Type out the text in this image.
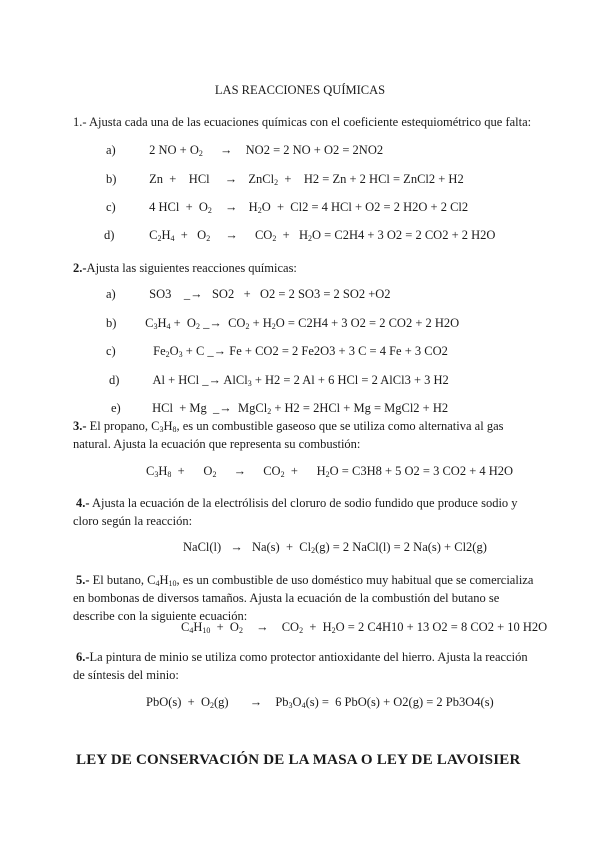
LAS REACCIONES QUÍMICAS
1.- Ajusta cada una de las ecuaciones químicas con el coeficiente estequiométrico que falta:
a)	2 NO + $O_2 \to NO2 = 2$ NO + O2 = 2NO2
b)	Zn  +    HCl → ZnCl$_2$  +    H2 = Zn + 2 HCl = ZnCl2 + H2
c)	4 HCl  +  $O_2 \to H_2O + Cl2 = 4$ HCl + O2 = 2 H2O + 2 Cl2
d)	$C_2H_4 + O_2 \to CO_2 + H_2O = C2H4 + 3$ O2 = 2 CO2 + 2 H2O
2.-Ajusta las siguientes reacciones químicas:
a)	SO3    _→   SO2   +   O2 = 2 SO3 = 2 SO2 +O2
b) $C_3H_4 + O_2$ _→  $CO_2 + H_2O = C2H4 + 3$ O2 = 2 CO2 + 2 H2O
c)	$Fe_2O_3 + C$ _→ Fe + CO2 = 2 Fe2O3 + 3 C = 4 Fe + 3 CO2
d)	Al + HCl _→ AlCl$_3$ + H2 = 2 Al + 6 HCl = 2 AlCl3 + 3 H2
e)	HCl  + Mg  _→  MgCl$_2$ + H2 = 2HCl + Mg = MgCl2 + H2
3.- El propano, $C_3H_8$, es un combustible gaseoso que se utiliza como alternativa al gas
natural. Ajusta la ecuación que representa su combustión:
$C_3H_8$  +      $O_2 \to CO_2$  +      $H_2O = C3H8 + 5$ O2 = 3 CO2 + 4 H2O
4.- Ajusta la ecuación de la electrólisis del cloruro de sodio fundido que produce sodio y
cloro según la reacción:
NaCl(l) → $Na(s) + Cl_2(g) = 2$ NaCl(l) = 2 Na(s) + Cl2(g)
5.- El butano, $C_4H_{10}$, es un combustible de uso doméstico muy habitual que se comercializa
en bombonas de diversos tamaños. Ajusta la ecuación de la combustión del butano se
describe con la siguiente ecuación:
$C_4H_{10} + O_2 \to CO_2 + H_2O = 2$ C4H10 + 13 O2 = 8 CO2 + 10 H2O
6.-La pintura de minio se utiliza como protector antioxidante del hierro. Ajusta la reacción
de síntesis del minio:
$PbO(s) + O_2(g) \to Pb_3O_4(s) = 6$ PbO(s) + O2(g) = 2 Pb3O4(s)
LEY DE CONSERVACIÓN DE LA MASA O LEY DE LAVOISIER
